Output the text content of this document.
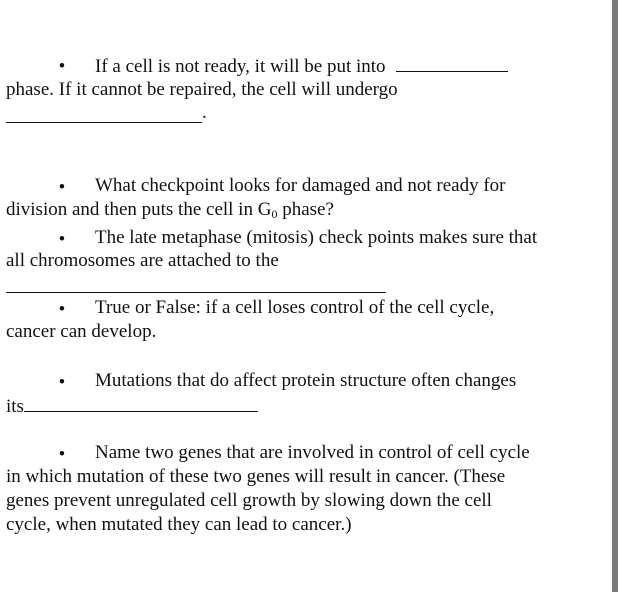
•	If a cell is not ready, it will be put into
phase. If it cannot be repaired, the cell will undergo
.
•	What checkpoint looks for damaged and not ready for
division and then puts the cell in $G_0$ phase?
•	The late metaphase (mitosis) check points makes sure that
all chromosomes are attached to the
•	True or False: if a cell loses control of the cell cycle,
cancer can develop.
•	Mutations that do affect protein structure often changes
its
•	Name two genes that are involved in control of cell cycle
in which mutation of these two genes will result in cancer. (These
genes prevent unregulated cell growth by slowing down the cell
cycle, when mutated they can lead to cancer.)
